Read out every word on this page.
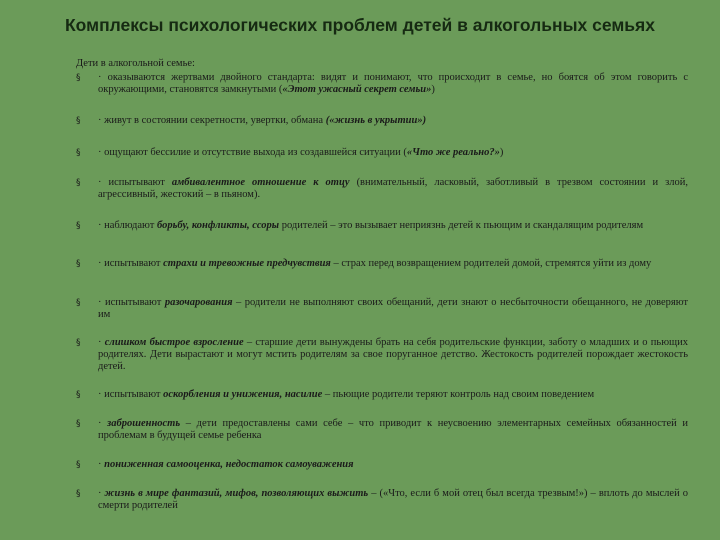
Комплексы психологических проблем детей в алкогольных семьях
Дети в алкогольной семье:
§ · оказываются жертвами двойного стандарта: видят и понимают, что происходит в семье, но боятся об этом говорить с окружающими, становятся замкнутыми («Этот ужасный секрет семьи»)
§ · живут в состоянии секретности, увертки, обмана («жизнь в укрытии»)
§ · ощущают бессилие и отсутствие выхода из создавшейся ситуации («Что же реально?»)
§ · испытывают амбивалентное отношение к отцу (внимательный, ласковый, заботливый в трезвом состоянии и злой, агрессивный, жестокий – в пьяном).
§ · наблюдают борьбу, конфликты, ссоры родителей – это вызывает неприязнь детей к пьющим и скандалящим родителям
§ · испытывают страхи и тревожные предчувствия – страх перед возвращением родителей домой, стремятся уйти из дому
§ · испытывают разочарования – родители не выполняют своих обещаний, дети знают о несбыточности обещанного, не доверяют им
§ · слишком быстрое взросление – старшие дети вынуждены брать на себя родительские функции, заботу о младших и о пьющих родителях. Дети вырастают и могут мстить родителям за свое поруганное детство. Жестокость родителей порождает жестокость детей.
§ · испытывают оскорбления и унижения, насилие – пьющие родители теряют контроль над своим поведением
§ · заброшенность – дети предоставлены сами себе – что приводит к неусвоению элементарных семейных обязанностей и проблемам в будущей семье ребенка
§ · пониженная самооценка, недостаток самоуважения
§ · жизнь в мире фантазий, мифов, позволяющих выжить – («Что, если б мой отец был всегда трезвым!») – вплоть до мыслей о смерти родителей
